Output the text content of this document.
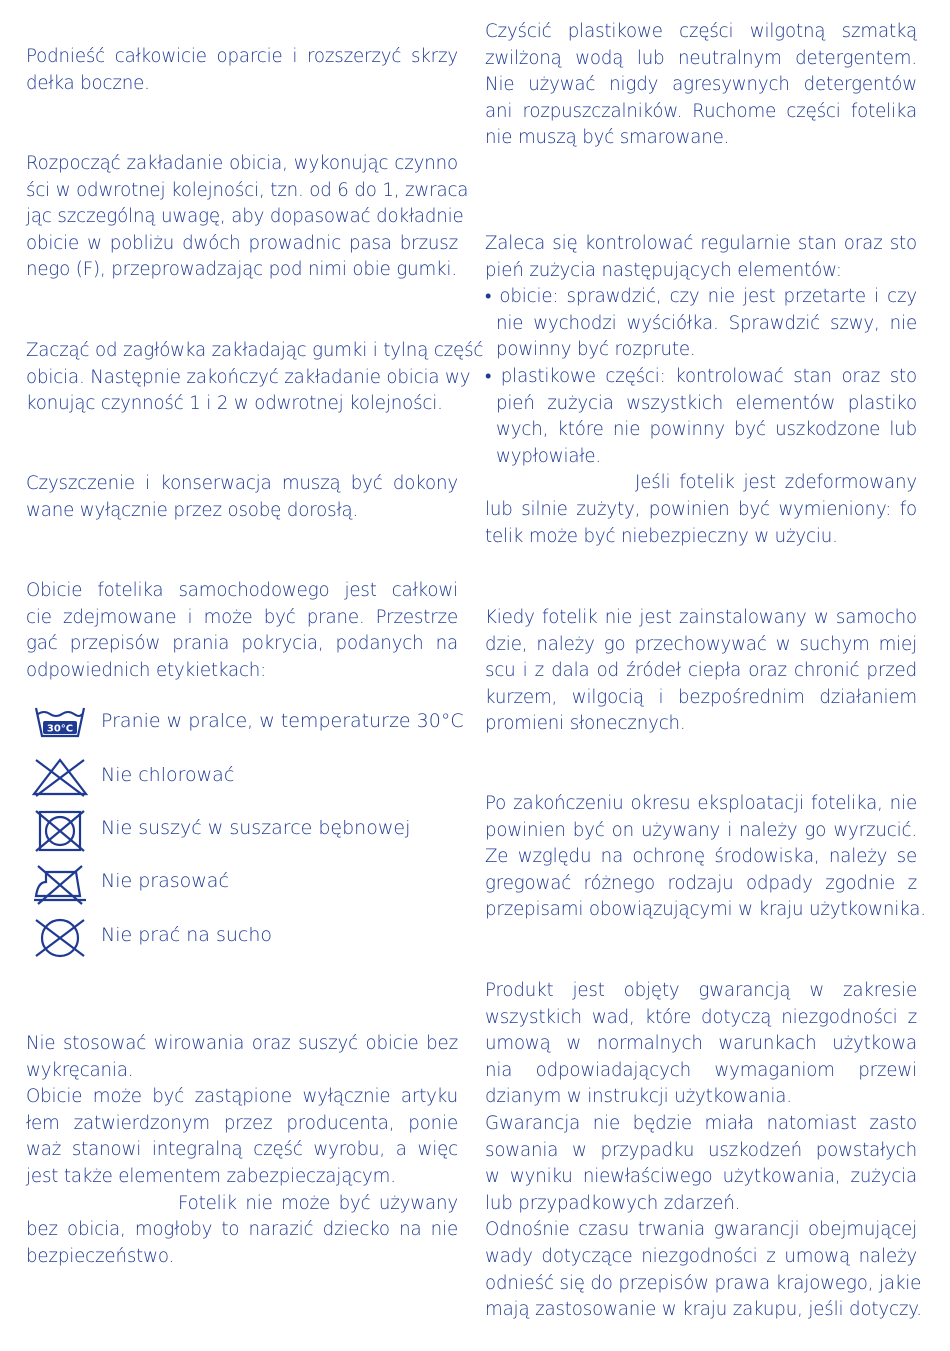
Podnieść całkowicie oparcie i rozszerzyć skrzy
dełka boczne.
Rozpocząć zakładanie obicia, wykonując czynno
ści w odwrotnej kolejności, tzn. od 6 do 1, zwraca
jąc szczególną uwagę, aby dopasować dokładnie
obicie w pobliżu dwóch prowadnic pasa brzusz
nego (F), przeprowadzając pod nimi obie gumki.
Zacząć od zagłówka zakładając gumki i tylną część
obicia. Następnie zakończyć zakładanie obicia wy
konując czynność 1 i 2 w odwrotnej kolejności.
Czyszczenie i konserwacja muszą być dokony
wane wyłącznie przez osobę dorosłą.
Obicie fotelika samochodowego jest całkowi
cie zdejmowane i może być prane. Przestrze
gać przepisów prania pokrycia, podanych na
odpowiednich etykietkach:
30°C Pranie w pralce, w temperaturze 30°C
Nie chlorować
Nie suszyć w suszarce bębnowej
Nie prasować
Nie prać na sucho
Nie stosować wirowania oraz suszyć obicie bez
wykręcania.
Obicie może być zastąpione wyłącznie artyku
łem zatwierdzonym przez producenta, ponie
waż stanowi integralną część wyrobu, a więc
jest także elementem zabezpieczającym.
Fotelik nie może być używany
bez obicia, mogłoby to narazić dziecko na nie
bezpieczeństwo.
Czyścić plastikowe części wilgotną szmatką
zwilżoną wodą lub neutralnym detergentem.
Nie używać nigdy agresywnych detergentów
ani rozpuszczalników. Ruchome części fotelika
nie muszą być smarowane.
Zaleca się kontrolować regularnie stan oraz sto
pień zużycia następujących elementów:
• obicie: sprawdzić, czy nie jest przetarte i czy
nie wychodzi wyściółka. Sprawdzić szwy, nie
powinny być rozprute.
• plastikowe części: kontrolować stan oraz sto
pień zużycia wszystkich elementów plastiko
wych, które nie powinny być uszkodzone lub
wypłowiałe.
Jeśli fotelik jest zdeformowany
lub silnie zużyty, powinien być wymieniony: fo
telik może być niebezpieczny w użyciu.
Kiedy fotelik nie jest zainstalowany w samocho
dzie, należy go przechowywać w suchym miej
scu i z dala od źródeł ciepła oraz chronić przed
kurzem, wilgocią i bezpośrednim działaniem
promieni słonecznych.
Po zakończeniu okresu eksploatacji fotelika, nie
powinien być on używany i należy go wyrzucić.
Ze względu na ochronę środowiska, należy se
gregować różnego rodzaju odpady zgodnie z
przepisami obowiązującymi w kraju użytkownika.
Produkt jest objęty gwarancją w zakresie
wszystkich wad, które dotyczą niezgodności z
umową w normalnych warunkach użytkowa
nia odpowiadających wymaganiom przewi
dzianym w instrukcji użytkowania.
Gwarancja nie będzie miała natomiast zasto
sowania w przypadku uszkodzeń powstałych
w wyniku niewłaściwego użytkowania, zużycia
lub przypadkowych zdarzeń.
Odnośnie czasu trwania gwarancji obejmującej
wady dotyczące niezgodności z umową należy
odnieść się do przepisów prawa krajowego, jakie
mają zastosowanie w kraju zakupu, jeśli dotyczy.
